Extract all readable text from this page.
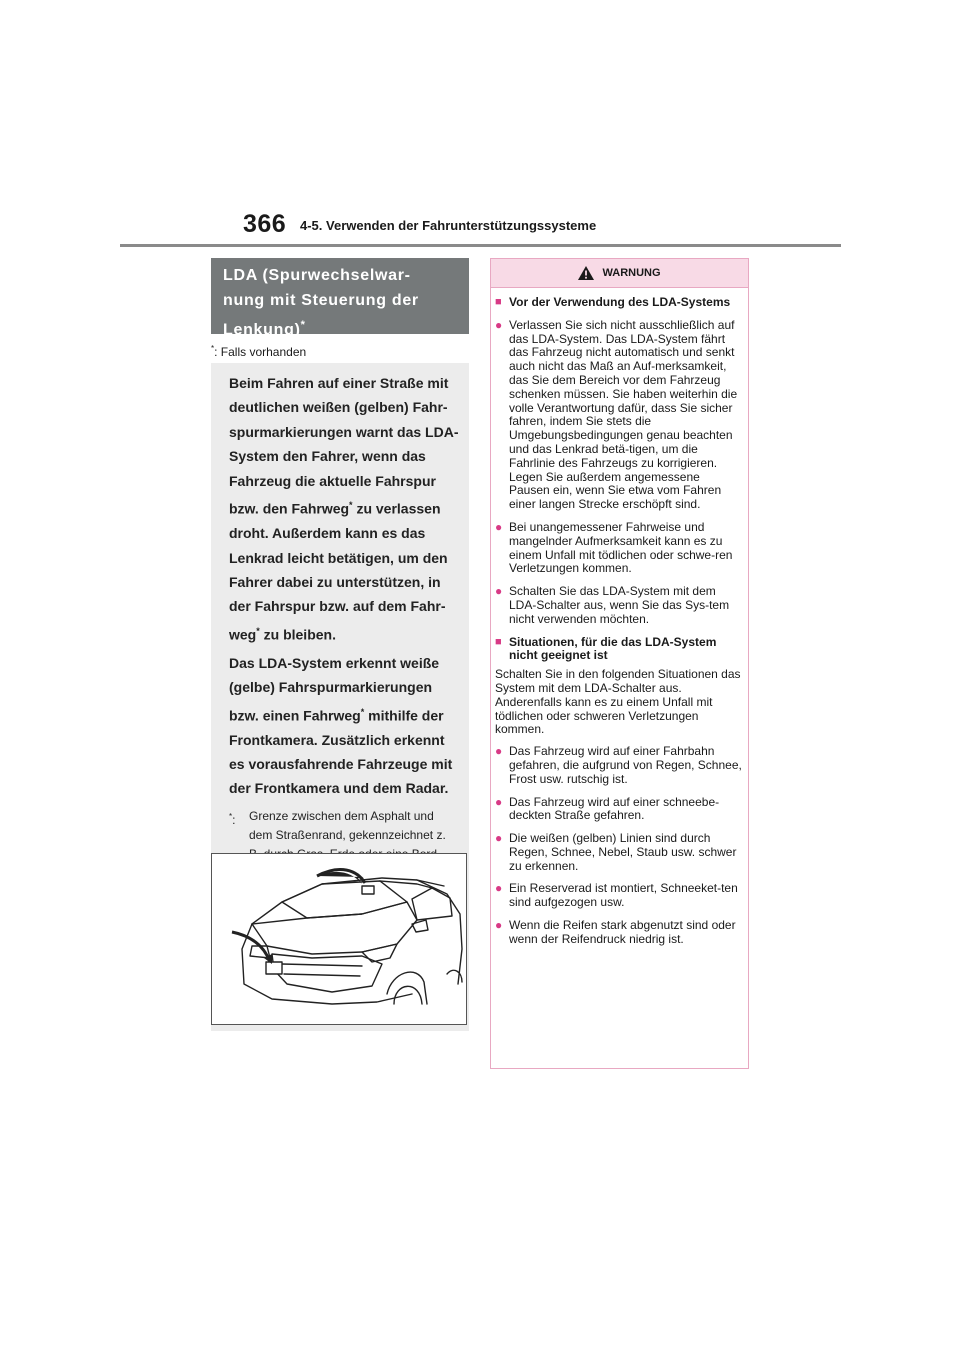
366 4-5. Verwenden der Fahrunterstützungssysteme
LDA (Spurwechselwar-
nung mit Steuerung der
Lenkung)*
*: Falls vorhanden

Beim Fahren auf einer Straße mit deutlichen weißen (gelben) Fahr-spurmarkierungen warnt das LDA-System den Fahrer, wenn das Fahrzeug die aktuelle Fahrspur bzw. den Fahrweg* zu verlassen droht. Außerdem kann es das Lenkrad leicht betätigen, um den Fahrer dabei zu unterstützen, in der Fahrspur bzw. auf dem Fahr-weg* zu bleiben.

Das LDA-System erkennt weiße (gelbe) Fahrspurmarkierungen bzw. einen Fahrweg* mithilfe der Frontkamera. Zusätzlich erkennt es vorausfahrende Fahrzeuge mit der Frontkamera und dem Radar.

*:	Grenze zwischen dem Asphalt und dem Straßenrand, gekennzeichnet z.
WARNUNG
■ Vor der Verwendung des LDA-Systems
● Verlassen Sie sich nicht ausschließlich auf das LDA-System. Das LDA-System fährt das Fahrzeug nicht automatisch und senkt auch nicht das Maß an Auf-merksamkeit, das Sie dem Bereich vor dem Fahrzeug schenken müssen. Sie haben weiterhin die volle Verantwortung dafür, dass Sie sicher fahren, indem Sie stets die Umgebungsbedingungen genau beachten und das Lenkrad betä-tigen, um die Fahrlinie des Fahrzeugs zu korrigieren. Legen Sie außerdem angemessene Pausen ein, wenn Sie etwa vom Fahren einer langen Strecke erschöpft sind.
● Bei unangemessener Fahrweise und mangelnder Aufmerksamkeit kann es zu einem Unfall mit tödlichen oder schwe-ren Verletzungen kommen.
● Schalten Sie das LDA-System mit dem LDA-Schalter aus, wenn Sie das Sys-tem nicht verwenden möchten.
■ Situationen, für die das LDA-System nicht geeignet ist
Schalten Sie in den folgenden Situationen das System mit dem LDA-Schalter aus. Anderenfalls kann es zu einem Unfall mit tödlichen oder schweren Verletzungen kommen.
● Das Fahrzeug wird auf einer Fahrbahn gefahren, die aufgrund von Regen, Schnee, Frost usw. rutschig ist.
● Das Fahrzeug wird auf einer schneebe-deckten Straße gefahren.
● Die weißen (gelben) Linien sind durch Regen, Schnee, Nebel, Staub usw. schwer zu erkennen.
● Ein Reserverad ist montiert, Schneeket-ten sind aufgezogen usw.
● Wenn die Reifen stark abgenutzt sind oder wenn der Reifendruck niedrig ist.
